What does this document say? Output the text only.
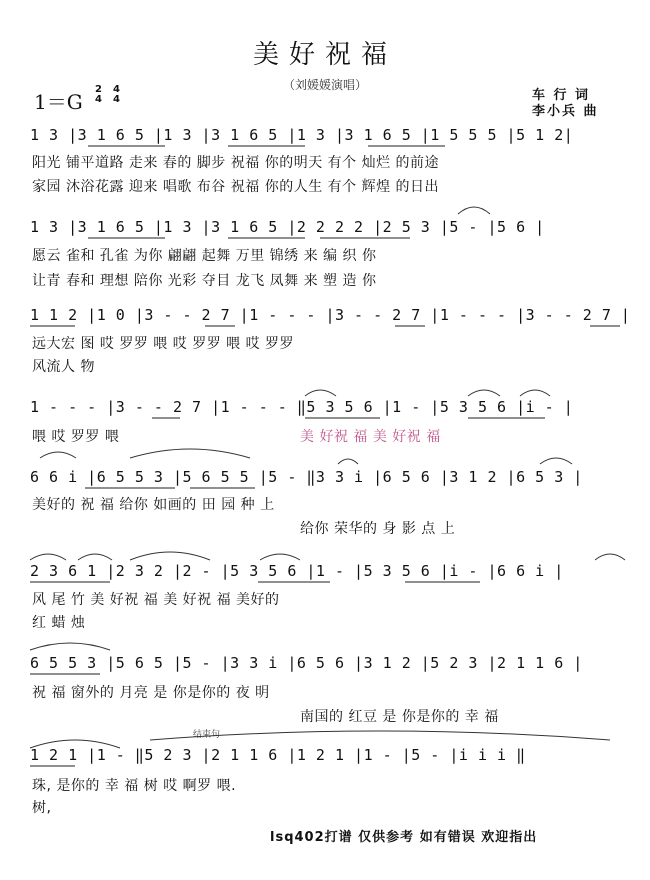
美好祝福
（刘媛媛演唱）
1＝G
2
4
4
4	车 行 词
李小兵 曲
1 3 |3 1 6 5 |1 3 |3 1 6 5 |1 3 |3 1 6 5 |1 5 5 5 |5 1 2|
阳光 铺平道路 走来 春的 脚步 祝福 你的明天 有个 灿烂 的前途
家园 沐浴花露 迎来 唱歌 布谷 祝福 你的人生 有个 辉煌 的日出
1 3 |3 1 6 5 |1 3 |3 1 6 5 |2 2 2 2 |2 5 3 |5 - |5 6 |
愿云 雀和 孔雀 为你 翩翩 起舞 万里 锦绣 来 编 织 你
让青 春和 理想 陪你 光彩 夺目 龙飞 凤舞 来 塑 造 你
1 1 2 |1 0 |3 - - 2 7 |1 - - - |3 - - 2 7 |1 - - - |3 - - 2 7 |
远大宏 图 哎 罗罗 喂 哎 罗罗 喂 哎 罗罗
风流人 物
1 - - - |3 - - 2 7 |1 - - - ‖5 3 5 6 |1 - |5 3 5 6 |i - |
喂 哎 罗罗 喂	美 好祝 福 美 好祝 福
6 6 i |6 5 5 3 |5 6 5 5 |5 - ‖3 3 i |6 5 6 |3 1 2 |6 5 3 |
美好的 祝 福 给你 如画的 田 园 种 上
给你 荣华的 身 影 点 上
2 3 6 1 |2 3 2 |2 - |5 3 5 6 |1 - |5 3 5 6 |i - |6 6 i |
风 尾 竹 美 好祝 福 美 好祝 福 美好的
红 蜡 烛
6 5 5 3 |5 6 5 |5 - |3 3 i |6 5 6 |3 1 2 |5 2 3 |2 1 1 6 |
祝 福 窗外的 月亮 是 你是你的 夜 明
南国的 红豆 是 你是你的 幸 福
结束句
1 2 1 |1 - ‖5 2 3 |2 1 1 6 |1 2 1 |1 - |5 - |i i i ‖
珠, 是你的 幸 福 树 哎 啊罗 喂.
树,
lsq402打谱 仅供参考 如有错误 欢迎指出
